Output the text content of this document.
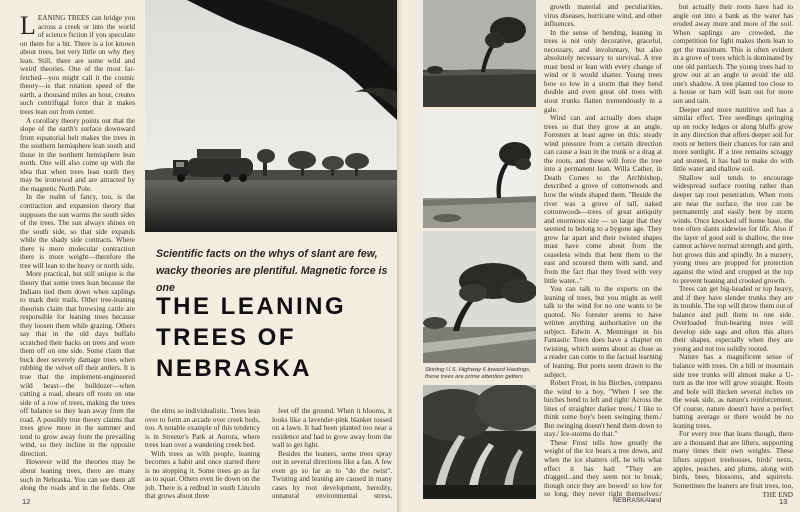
LEANING TREES can bridge you across a creek or into the world of science fiction if you speculate on them for a bit. There is a lot known about trees, but very little on why they lean. Still, there are some wild and weird theories. One of the most far-fetched—you might call it the cosmic theory—is that rotation speed of the earth, a thousand miles an hour, creates such centrifugal force that it makes trees lean out from center.

A corollary theory points out that the slope of the earth's surface downward from equatorial belt makes the trees in the southern hemisphere lean south and those in the northern hemisphere lean north. One will also come up with the idea that when trees lean north they may be ironwood and are attracted by the magnetic North Pole.

In the realm of fancy, too, is the contraction and expansion theory that supposes the sun warms the south sides of the trees. The sun always shines on the south side, so that side expands while the shady side contracts. Where there is more molecular contraction there is more weight—therefore the tree will lean to the heavy or north side.

More practical, but still unique is the theory that some trees lean because the Indians tied them down when saplings to mark their trails. Other tree-leaning theorists claim that browsing cattle are responsible for leaning trees because they loosen them while grazing. Others say that in the old days buffalo scratched their backs on trees and wore them off on one side. Some claim that buck deer severely damage trees when rubbing the velvet off their antlers. It is true that the implement-engineered wild beast—the bulldozer—when cutting a road, shears off roots on one side of a row of trees, making the trees off balance so they lean away from the road. A possibly true theory claims that trees grow more in the summer and tend to grow away from the prevailing wind, so they incline in the opposite direction.

However wild the theories may be about leaning trees, there are many such in Nebraska. You can see them all along the roads and in the fields. One

Scientific facts on the whys of slant are few, wacky theories are plentiful. Magnetic force is one
THE LEANING TREES OF NEBRASKA

the elms so individualistic. Trees lean over to form an arcade over creek beds, too. A notable example of this tendency is in Streeter's Park at Aurora, where trees lean over a wandering creek bed.

With trees as with people, leaning becomes a habit and once started there is no stopping it. Some trees go as far as to squat. Others even lie down on the job. There is a redbud in south Lincoln that grows about three

feet off the ground. When it blooms, it looks like a lavender-pink blanket tossed on a lawn. It had been planted too near a residence and had to grow away from the wall to get light.

Besides the leaners, some trees spray out in several directions like a fan. A few even go so far as to "do the twist". Twisting and leaning are caused in many cases by root development, heredity, unnatural environmental stress,

12
Skirting U.S. Highway 6 toward Hastings, these trees are prime attention getters

growth material and peculiarities, virus diseases, hurricane wind, and other influences.

In the sense of bending, leaning in trees is not only decorative, graceful, necessary, and involuntary, but also absolutely necessary to survival. A tree must bend or lean with every change of wind or it would shatter. Young trees bow so low in a storm that they bend double and even great old trees with stout trunks flatten tremendously in a gale.

Wind can and actually does shape trees so that they grow at an angle. Foresters at least agree on this: steady wind pressure from a certain direction can cause a lean in the trunk or a drag at the roots, and these will force the tree into a permanent lean. Willa Cather, in Death Comes to the Archbishop, described a grove of cottonwoods and how the winds shaped them. "Beside the river was a grove of tall, naked cottonwoods—trees of great antiquity and enormous size — so large that they seemed to belong to a bygone age. They grew far apart and their twisted shapes must have come about from the ceaseless winds that bent them to the east and scoured them with sand, and from the fact that they lived with very little water..."

You can talk to the experts on the leaning of trees, but you might as well talk to the wind for no one wants to be quoted. No forester seems to have written anything authoritative on the subject. Edwin A. Menninger in his Fantastic Trees does have a chapter on twisting, which seems about as close as a reader can come to the factual learning of leaning. But poets seem drawn to the subject.

Robert Frost, in his Birches, compares the wind to a boy, "When I see the birches bend to left and right/ Across the lines of straighter darker trees,/ I like to think some boy's been swinging them./ But swinging doesn't bend them down to stay./ Ice-storms do that."

These Frost tells how greatly the weight of the ice bears a tree down, and when the ice shatters off, he tells what effect it has had: "They are dragged...and they seem not to break; though once they are bowed/ so low for so long, they never right themselves:/

but actually their roots have had to angle out into a bank as the water has eroded away more and more of the soil. When saplings are crowded, the competition for light makes them lean to get the maximum. This is often evident in a grove of trees which is dominated by one old patriarch. The young trees had to grow out at an angle to avoid the old one's shadow. A tree planted too close to a house or barn will lean out for more sun and rain.

Deeper and more nutritive soil has a similar effect. Tree seedlings springing up on rocky ledges or along bluffs grow in any direction that offers deeper soil for roots or betters their chances for rain and more sunlight. If a tree remains scraggy and stunted, it has had to make do with little water and shallow soil.

Shallow soil tends to encourage widespread surface rooting rather than deeper tap root penetration. When roots are near the surface, the tree can be permanently and easily bent by storm winds. Once knocked off home base, the tree often slants sidewise for life. Also if the layer of good soil is shallow, the tree cannot achieve normal strength and girth, but grows thin and spindly. In a nursery, young trees are propped for protection against the wind and cropped at the top to prevent leaning and crooked growth.

Trees can get big-headed or top heavy, and if they have slender trunks they are in trouble. The top will throw them out of balance and pull them to one side. Overloaded fruit-bearing trees will develop side sags and often this alters their shapes, especially when they are young and not too solidly rooted.

Nature has a magnificent sense of balance with trees. On a hill or mountain side tree trunks will almost make a U-turn as the tree will grow straight. Roots and bole will thicken several inches on the weak side, as nature's reinforcement. Of course, nature doesn't have a perfect batting average or there would be no leaning trees.

For every tree that leans though, there are a thousand that are lifters, supporting many times their own weights. These lifters support treehouses, birds' nests, apples, peaches, and plums, along with birds, bees, blossoms, and squirrels. Sometimes the leaners are fruit trees, too,

THE END
NEBRASKAland	13
